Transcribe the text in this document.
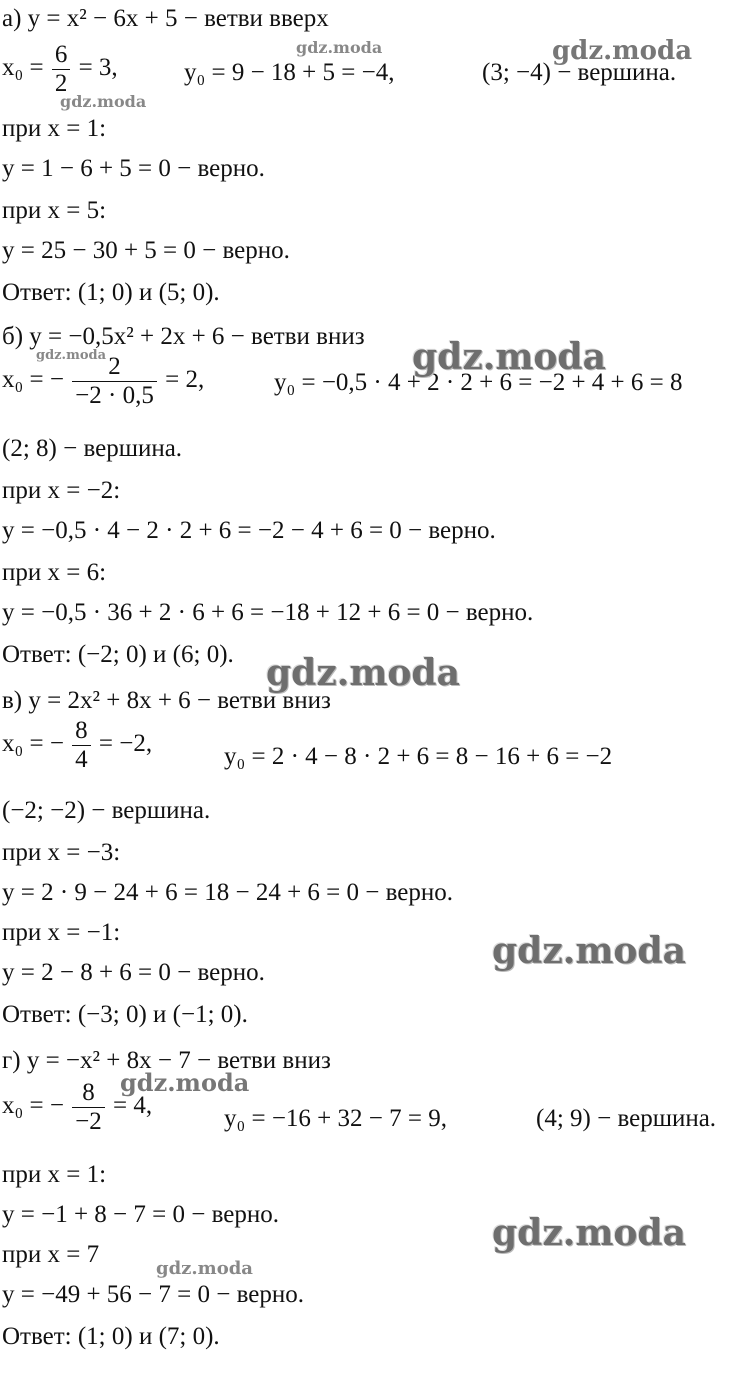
а) y = x² − 6x + 5 − ветви вверх
$x_0 = \frac{6}{2} = 3$,	y₀ = 9 − 18 + 5 = −4,	(3; −4) − вершина.
при x = 1:
y = 1 − 6 + 5 = 0 − верно.
при x = 5:
y = 25 − 30 + 5 = 0 − верно.
Ответ: (1; 0) и (5; 0).
б) y = −0,5x² + 2x + 6 − ветви вниз
x₀ = − $\frac{2}{-2 \cdot 0,5} = 2$,	y₀ = −0,5 · 4 + 2 · 2 + 6 = −2 + 4 + 6 = 8
(2; 8) − вершина.
при x = −2:
y = −0,5 · 4 − 2 · 2 + 6 = −2 − 4 + 6 = 0 − верно.
при x = 6:
y = −0,5 · 36 + 2 · 6 + 6 = −18 + 12 + 6 = 0 − верно.
Ответ: (−2; 0) и (6; 0).
в) y = 2x² + 8x + 6 − ветви вниз
x₀ = − $\frac{8}{4} = -2$,	y₀ = 2 · 4 − 8 · 2 + 6 = 8 − 16 + 6 = −2
(−2; −2) − вершина.
при x = −3:
y = 2 · 9 − 24 + 6 = 18 − 24 + 6 = 0 − верно.
при x = −1:
y = 2 − 8 + 6 = 0 − верно.
Ответ: (−3; 0) и (−1; 0).
г) y = −x² + 8x − 7 − ветви вниз
x₀ = − $\frac{8}{-2} = 4$,	y₀ = −16 + 32 − 7 = 9,	(4; 9) − вершина.
при x = 1:
y = −1 + 8 − 7 = 0 − верно.
при x = 7
y = −49 + 56 − 7 = 0 − верно.
Ответ: (1; 0) и (7; 0).
gdz.moda
gdz.moda
gdz.moda
gdz.moda
gdz.moda
gdz.moda
gdz.moda
gdz.moda
gdz.moda
gdz.moda
